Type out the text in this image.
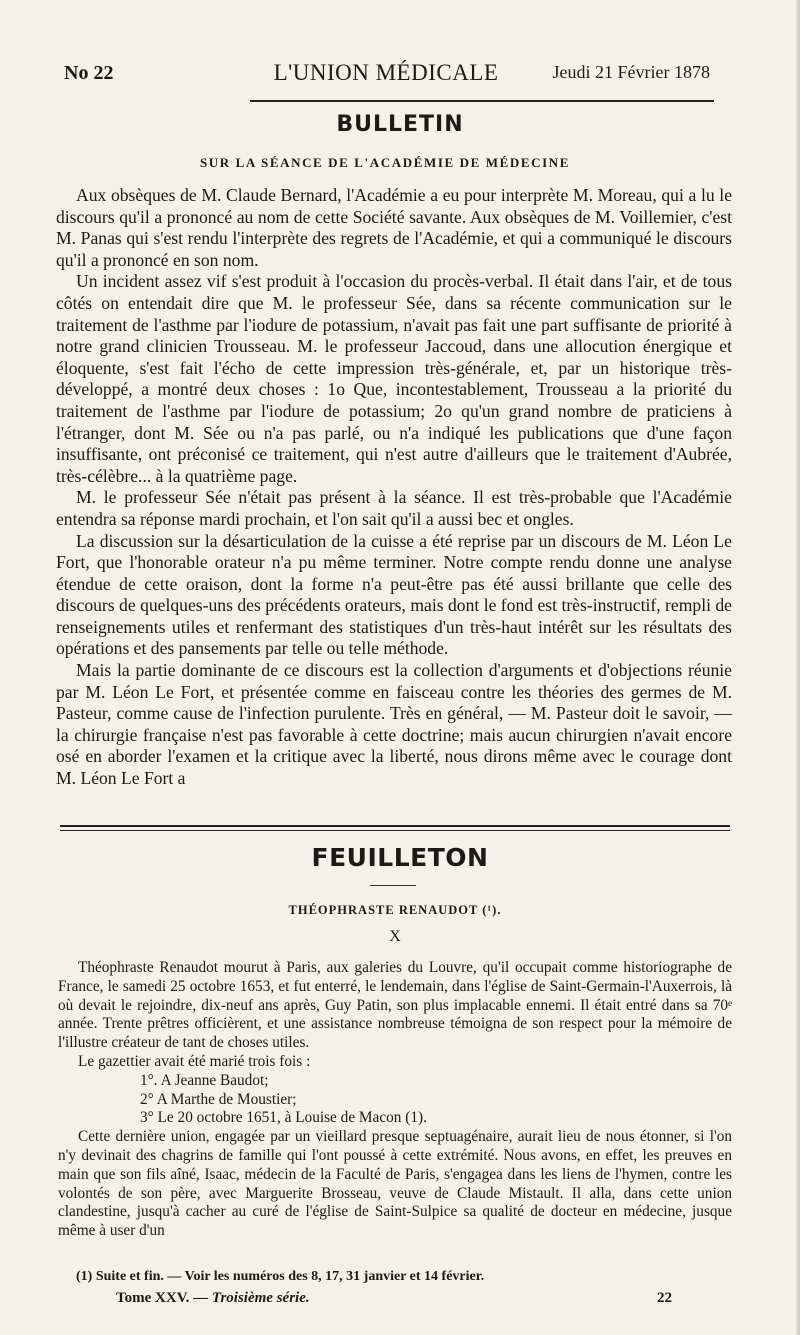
No 22	L'UNION MÉDICALE	Jeudi 21 Février 1878
BULLETIN
SUR LA SÉANCE DE L'ACADÉMIE DE MÉDECINE

Aux obsèques de M. Claude Bernard, l'Académie a eu pour interprète M. Moreau, qui a lu le discours qu'il a prononcé au nom de cette Société savante. Aux obsèques de M. Voillemier, c'est M. Panas qui s'est rendu l'interprète des regrets de l'Académie, et qui a communiqué le discours qu'il a prononcé en son nom.

Un incident assez vif s'est produit à l'occasion du procès-verbal. Il était dans l'air, et de tous côtés on entendait dire que M. le professeur Sée, dans sa récente communication sur le traitement de l'asthme par l'iodure de potassium, n'avait pas fait une part suffisante de priorité à notre grand clinicien Trousseau. M. le professeur Jaccoud, dans une allocution énergique et éloquente, s'est fait l'écho de cette impression très-générale, et, par un historique très-développé, a montré deux choses : 1o Que, incontestablement, Trousseau a la priorité du traitement de l'asthme par l'iodure de potassium; 2o qu'un grand nombre de praticiens à l'étranger, dont M. Sée ou n'a pas parlé, ou n'a indiqué les publications que d'une façon insuffisante, ont préconisé ce traitement, qui n'est autre d'ailleurs que le traitement d'Aubrée, très-célèbre... à la quatrième page.

M. le professeur Sée n'était pas présent à la séance. Il est très-probable que l'Académie entendra sa réponse mardi prochain, et l'on sait qu'il a aussi bec et ongles.

La discussion sur la désarticulation de la cuisse a été reprise par un discours de M. Léon Le Fort, que l'honorable orateur n'a pu même terminer. Notre compte rendu donne une analyse étendue de cette oraison, dont la forme n'a peut-être pas été aussi brillante que celle des discours de quelques-uns des précédents orateurs, mais dont le fond est très-instructif, rempli de renseignements utiles et renfermant des statistiques d'un très-haut intérêt sur les résultats des opérations et des pansements par telle ou telle méthode.

Mais la partie dominante de ce discours est la collection d'arguments et d'objections réunie par M. Léon Le Fort, et présentée comme en faisceau contre les théories des germes de M. Pasteur, comme cause de l'infection purulente. Très en général, — M. Pasteur doit le savoir, — la chirurgie française n'est pas favorable à cette doctrine; mais aucun chirurgien n'avait encore osé en aborder l'examen et la critique avec la liberté, nous dirons même avec le courage dont M. Léon Le Fort a

FEUILLETON
THÉOPHRASTE RENAUDOT (¹).
X

Théophraste Renaudot mourut à Paris, aux galeries du Louvre, qu'il occupait comme historiographe de France, le samedi 25 octobre 1653, et fut enterré, le lendemain, dans l'église de Saint-Germain-l'Auxerrois, là où devait le rejoindre, dix-neuf ans après, Guy Patin, son plus implacable ennemi. Il était entré dans sa 70ᵉ année. Trente prêtres officièrent, et une assistance nombreuse témoigna de son respect pour la mémoire de l'illustre créateur de tant de choses utiles.

Le gazettier avait été marié trois fois :

1°. A Jeanne Baudot;
2° A Marthe de Moustier;
3° Le 20 octobre 1651, à Louise de Macon (1).

Cette dernière union, engagée par un vieillard presque septuagénaire, aurait lieu de nous étonner, si l'on n'y devinait des chagrins de famille qui l'ont poussé à cette extrémité. Nous avons, en effet, les preuves en main que son fils aîné, Isaac, médecin de la Faculté de Paris, s'engagea dans les liens de l'hymen, contre les volontés de son père, avec Marguerite Brosseau, veuve de Claude Mistault. Il alla, dans cette union clandestine, jusqu'à cacher au curé de l'église de Saint-Sulpice sa qualité de docteur en médecine, jusque même à user d'un

(1) Suite et fin. — Voir les numéros des 8, 17, 31 janvier et 14 février.
Tome XXV. — Troisième série.	22
